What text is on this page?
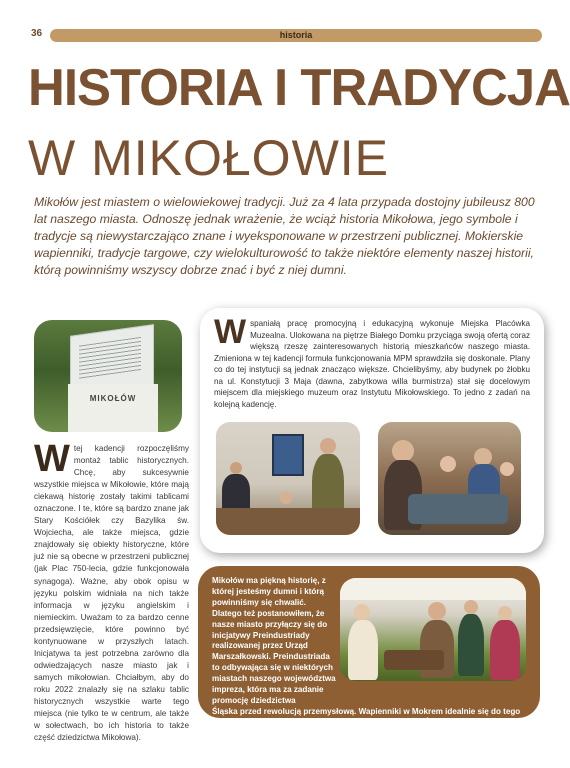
36	historia
HISTORIA I TRADYCJA
W MIKOŁOWIE
Mikołów jest miastem o wielowiekowej tradycji. Już za 4 lata przypada dostojny jubileusz 800 lat naszego miasta. Odnoszę jednak wrażenie, że wciąż historia Mikołowa, jego symbole i tradycje są niewystarczająco znane i wyeksponowane w przestrzeni publicznej. Mokierskie wapienniki, tradycje targowe, czy wielokulturowość to także niektóre elementy naszej historii, którą powinniśmy wszyscy dobrze znać i być z niej dumni.
MIKOŁÓW
W tej kadencji rozpoczęliśmy montaż tablic historycznych. Chcę, aby sukcesywnie wszystkie miejsca w Mikołowie, które mają ciekawą historię zostały takimi tablicami oznaczone. I te, które są bardzo znane jak Stary Kościółek czy Bazylika św. Wojciecha, ale także miejsca, gdzie znajdowały się obiekty historyczne, które już nie są obecne w przestrzeni publicznej (jak Plac 750-lecia, gdzie funkcjonowała synagoga). Ważne, aby obok opisu w języku polskim widniała na nich także informacja w języku angielskim i niemieckim. Uważam to za bardzo cenne przedsięwzięcie, które powinno być kontynuowane w przyszłych latach. Inicjatywa ta jest potrzebna zarówno dla odwiedzających nasze miasto jak i samych mikołowian. Chciałbym, aby do roku 2022 znalazły się na szlaku tablic historycznych wszystkie warte tego miejsca (nie tylko te w centrum, ale także w sołectwach, bo ich historia to także część dziedzictwa Mikołowa).
W spaniałą pracę promocyjną i edukacyjną wykonuje Miejska Placówka Muzealna. Ulokowana na piętrze Białego Domku przyciąga swoją ofertą coraz większą rzeszę zainteresowanych historią mieszkańców naszego miasta. Zmieniona w tej kadencji formuła funkcjonowania MPM sprawdziła się doskonale. Plany co do tej instytucji są jednak znacząco większe. Chcielibyśmy, aby budynek po żłobku na ul. Konstytucji 3 Maja (dawna, zabytkowa willa burmistrza) stał się docelowym miejscem dla miejskiego muzeum oraz Instytutu Mikołowskiego. To jedno z zadań na kolejną kadencję.
Mikołów ma piękną historię, z której jesteśmy dumni i którą powinniśmy się chwalić. Dlatego też postanowiłem, że nasze miasto przyłączy się do inicjatywy Preindustriady realizowanej przez Urząd Marszałkowski. Preindustriada to odbywająca się w niektórych miastach naszego województwa impreza, która ma za zadanie promocję dziedzictwa
Śląska przed rewolucją przemysłową. Wapienniki w Mokrem idealnie się do tego nadają i już od kilku lat przyciągają setki mieszkańców Śląska, którzy chcą poznać ich historię, historię Mikołowa i spędzić wspaniały dzień
